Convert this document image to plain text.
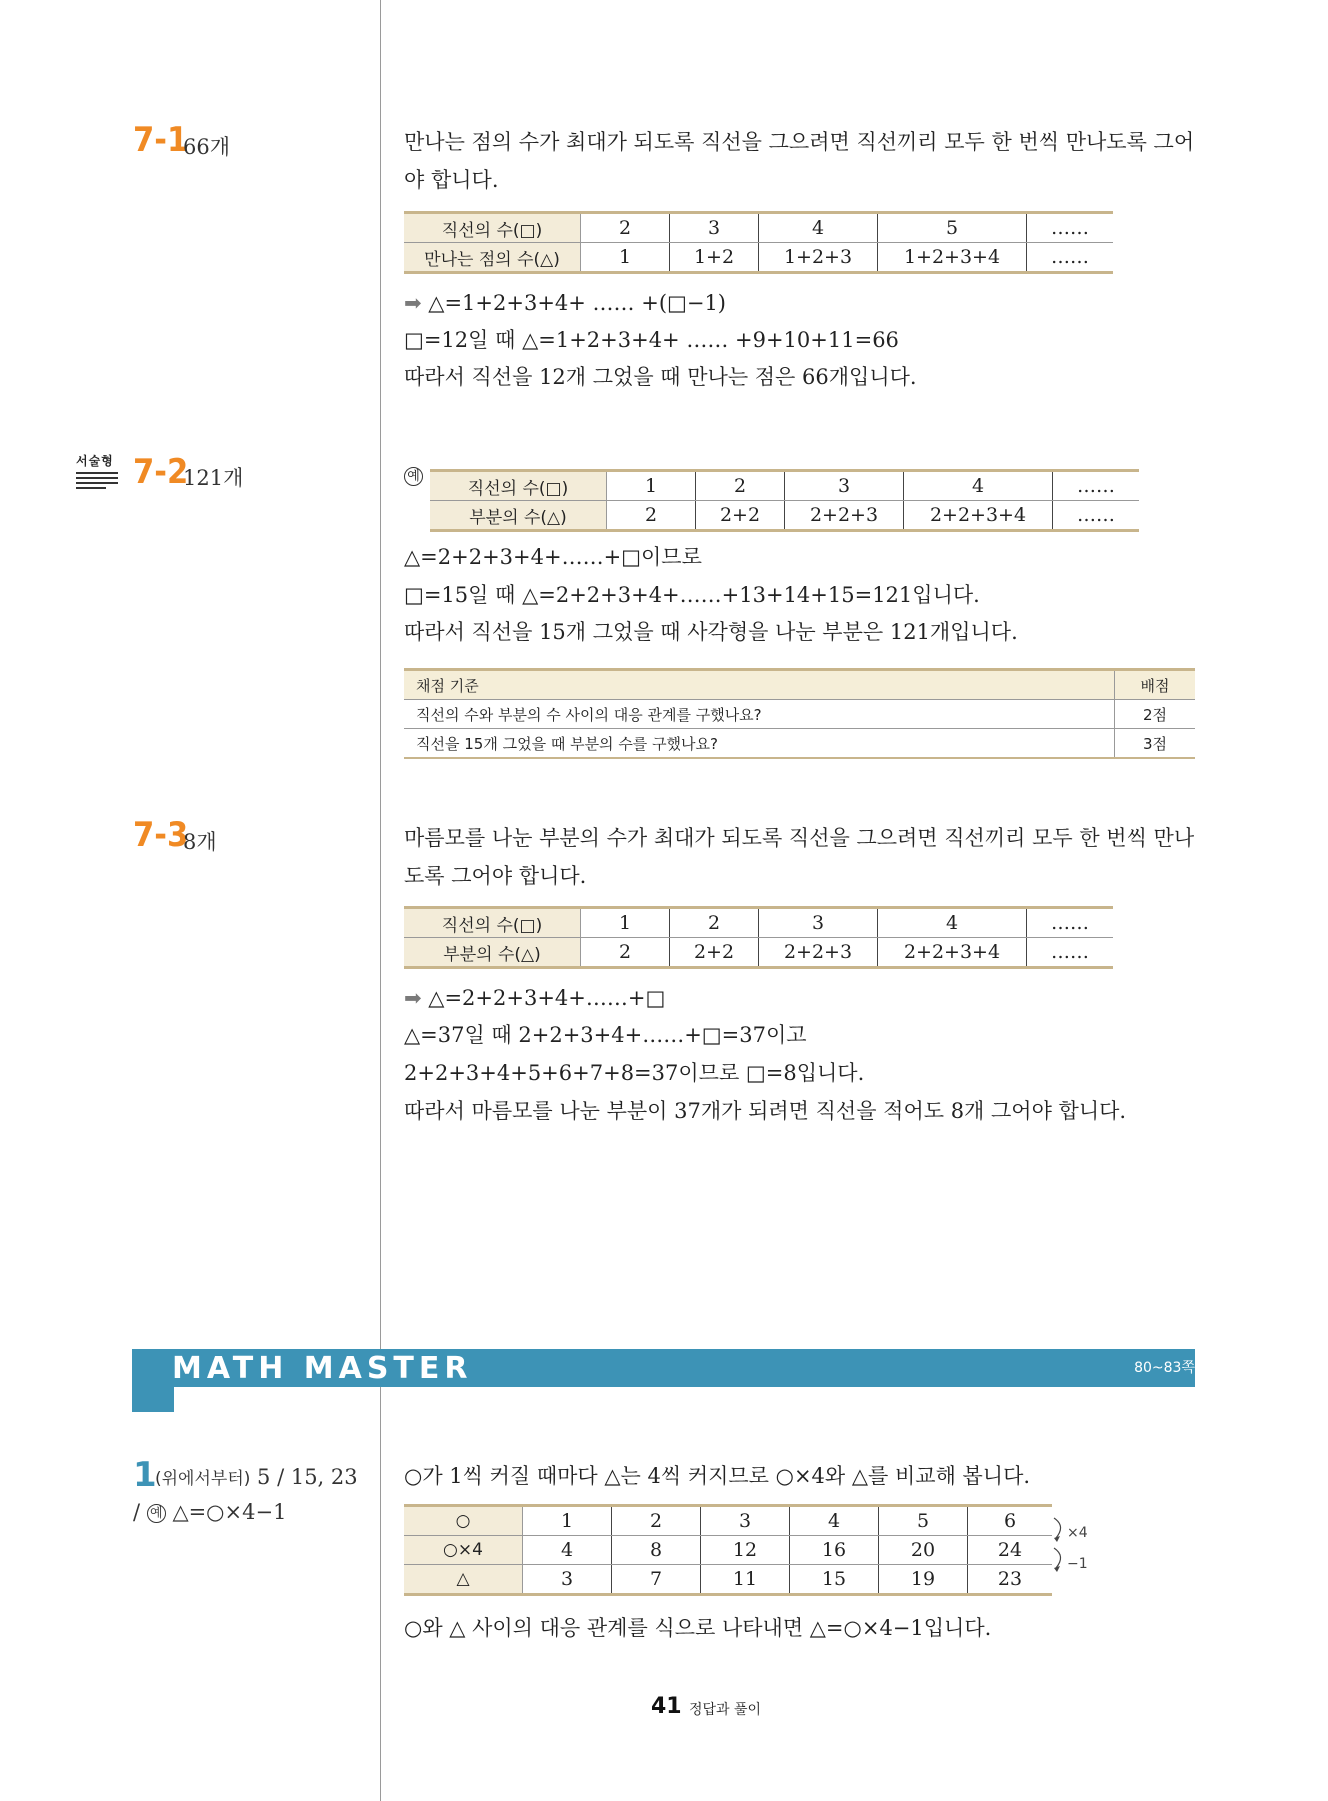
7-1
66개	만나는 점의 수가 최대가 되도록 직선을 그으려면 직선끼리 모두 한 번씩 만나도록 그어
야 합니다.
직선의 수(□)	2	3	4	5	……
만나는 점의 수(△)	1	1+2	1+2+3	1+2+3+4	……
➡ △=1+2+3+4+ …… +(□−1)
□=12일 때 △=1+2+3+4+ …… +9+10+11=66
따라서 직선을 12개 그었을 때 만나는 점은 66개입니다.
서술형 7-2
121개	예
직선의 수(□)	1	2	3	4	……
부분의 수(△)	2	2+2	2+2+3	2+2+3+4	……
△=2+2+3+4+……+□이므로
□=15일 때 △=2+2+3+4+……+13+14+15=121입니다.
따라서 직선을 15개 그었을 때 사각형을 나눈 부분은 121개입니다.
채점 기준	배점
직선의 수와 부분의 수 사이의 대응 관계를 구했나요?	2점
직선을 15개 그었을 때 부분의 수를 구했나요?	3점
7-3
8개	마름모를 나눈 부분의 수가 최대가 되도록 직선을 그으려면 직선끼리 모두 한 번씩 만나
도록 그어야 합니다.
직선의 수(□)	1	2	3	4	……
부분의 수(△)	2	2+2	2+2+3	2+2+3+4	……
➡ △=2+2+3+4+……+□
△=37일 때 2+2+3+4+……+□=37이고
2+2+3+4+5+6+7+8=37이므로 □=8입니다.
따라서 마름모를 나눈 부분이 37개가 되려면 직선을 적어도 8개 그어야 합니다.
MATH MASTER	80~83쪽
1
(위에서부터) 5 / 15, 23
/ 예 △=○×4−1
○가 1씩 커질 때마다 △는 4씩 커지므로 ○×4와 △를 비교해 봅니다.
○	1	2	3	4	5	6
○×4	4	8	12	16	20	24
△	3	7	11	15	19	23
×4
−1
○와 △ 사이의 대응 관계를 식으로 나타내면 △=○×4−1입니다.
41 정답과 풀이
